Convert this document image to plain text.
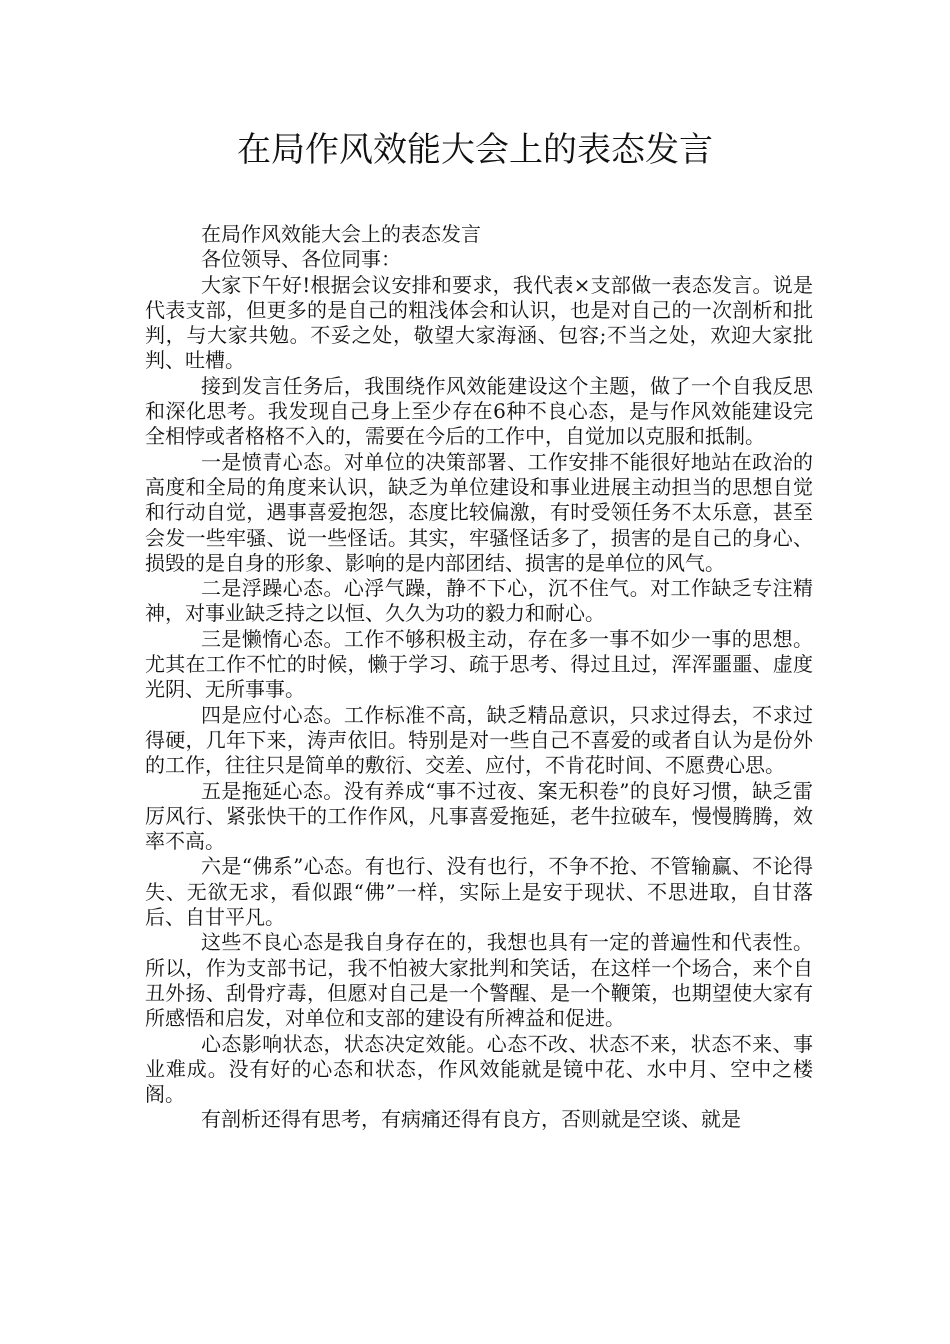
在局作风效能大会上的表态发言

在局作风效能大会上的表态发言

各位领导、各位同事：

大家下午好!根据会议安排和要求，我代表×支部做一表态发言。说是代表支部，但更多的是自己的粗浅体会和认识，也是对自己的一次剖析和批判，与大家共勉。不妥之处，敬望大家海涵、包容;不当之处，欢迎大家批判、吐槽。

接到发言任务后，我围绕作风效能建设这个主题，做了一个自我反思和深化思考。我发现自己身上至少存在6种不良心态，是与作风效能建设完全相悖或者格格不入的，需要在今后的工作中，自觉加以克服和抵制。

一是愤青心态。对单位的决策部署、工作安排不能很好地站在政治的高度和全局的角度来认识，缺乏为单位建设和事业进展主动担当的思想自觉和行动自觉，遇事喜爱抱怨，态度比较偏激，有时受领任务不太乐意，甚至会发一些牢骚、说一些怪话。其实，牢骚怪话多了，损害的是自己的身心、损毁的是自身的形象、影响的是内部团结、损害的是单位的风气。

二是浮躁心态。心浮气躁，静不下心，沉不住气。对工作缺乏专注精神，对事业缺乏持之以恒、久久为功的毅力和耐心。

三是懒惰心态。工作不够积极主动，存在多一事不如少一事的思想。尤其在工作不忙的时候，懒于学习、疏于思考、得过且过，浑浑噩噩、虚度光阴、无所事事。

四是应付心态。工作标准不高，缺乏精品意识，只求过得去，不求过得硬，几年下来，涛声依旧。特别是对一些自己不喜爱的或者自认为是份外的工作，往往只是简单的敷衍、交差、应付，不肯花时间、不愿费心思。

五是拖延心态。没有养成“事不过夜、案无积卷”的良好习惯，缺乏雷厉风行、紧张快干的工作作风，凡事喜爱拖延，老牛拉破车，慢慢腾腾，效率不高。

六是“佛系”心态。有也行、没有也行，不争不抢、不管输赢、不论得失、无欲无求，看似跟“佛”一样，实际上是安于现状、不思进取，自甘落后、自甘平凡。

这些不良心态是我自身存在的，我想也具有一定的普遍性和代表性。所以，作为支部书记，我不怕被大家批判和笑话，在这样一个场合，来个自丑外扬、刮骨疗毒，但愿对自己是一个警醒、是一个鞭策，也期望使大家有所感悟和启发，对单位和支部的建设有所裨益和促进。

心态影响状态，状态决定效能。心态不改、状态不来，状态不来、事业难成。没有好的心态和状态，作风效能就是镜中花、水中月、空中之楼阁。

有剖析还得有思考，有病痛还得有良方，否则就是空谈、就是
